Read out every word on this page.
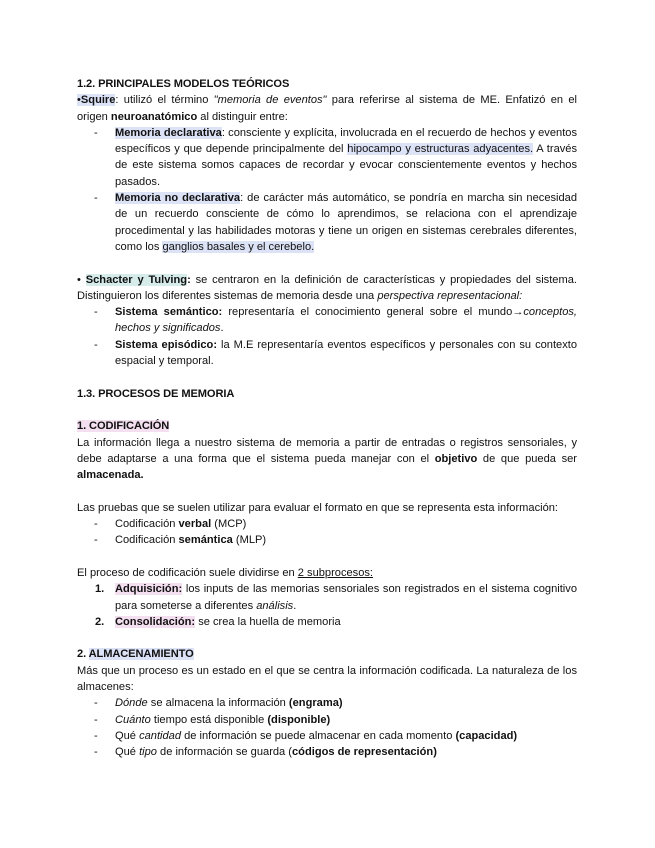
1.2. PRINCIPALES MODELOS TEÓRICOS

•Squire: utilizó el término "memoria de eventos" para referirse al sistema de ME. Enfatizó en el origen neuroanatómico al distinguir entre:

- Memoria declarativa: consciente y explícita, involucrada en el recuerdo de hechos y eventos específicos y que depende principalmente del hipocampo y estructuras adyacentes. A través de este sistema somos capaces de recordar y evocar conscientemente eventos y hechos pasados.
- Memoria no declarativa: de carácter más automático, se pondría en marcha sin necesidad de un recuerdo consciente de cómo lo aprendimos, se relaciona con el aprendizaje procedimental y las habilidades motoras y tiene un origen en sistemas cerebrales diferentes, como los ganglios basales y el cerebelo.

• Schacter y Tulving: se centraron en la definición de características y propiedades del sistema. Distinguieron los diferentes sistemas de memoria desde una perspectiva representacional:

- Sistema semántico: representaría el conocimiento general sobre el mundo→conceptos, hechos y significados.
- Sistema episódico: la M.E representaría eventos específicos y personales con su contexto espacial y temporal.

1.3. PROCESOS DE MEMORIA

1. CODIFICACIÓN

La información llega a nuestro sistema de memoria a partir de entradas o registros sensoriales, y debe adaptarse a una forma que el sistema pueda manejar con el objetivo de que pueda ser almacenada.

Las pruebas que se suelen utilizar para evaluar el formato en que se representa esta información:

- Codificación verbal (MCP)
- Codificación semántica (MLP)

El proceso de codificación suele dividirse en 2 subprocesos:

1. Adquisición: los inputs de las memorias sensoriales son registrados en el sistema cognitivo para someterse a diferentes análisis.
2. Consolidación: se crea la huella de memoria

2. ALMACENAMIENTO

Más que un proceso es un estado en el que se centra la información codificada. La naturaleza de los almacenes:

- Dónde se almacena la información (engrama)
- Cuánto tiempo está disponible (disponible)
- Qué cantidad de información se puede almacenar en cada momento (capacidad)
- Qué tipo de información se guarda (códigos de representación)
